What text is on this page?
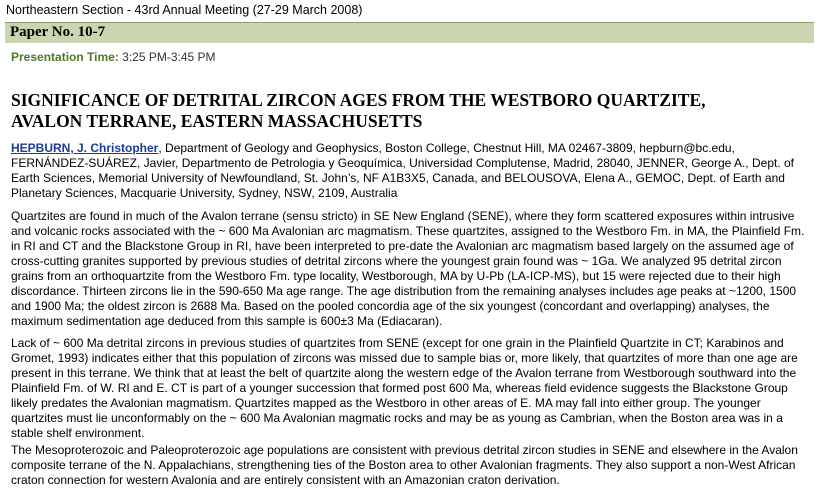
Northeastern Section - 43rd Annual Meeting (27-29 March 2008)
Paper No. 10-7
Presentation Time: 3:25 PM-3:45 PM
SIGNIFICANCE OF DETRITAL ZIRCON AGES FROM THE WESTBORO QUARTZITE,
AVALON TERRANE, EASTERN MASSACHUSETTS
HEPBURN, J. Christopher, Department of Geology and Geophysics, Boston College, Chestnut Hill, MA 02467-3809, hepburn@bc.edu, FERNÁNDEZ-SUÁREZ, Javier, Departmento de Petrologia y Geoquímica, Universidad Complutense, Madrid, 28040, JENNER, George A., Dept. of Earth Sciences, Memorial University of Newfoundland, St. John’s, NF A1B3X5, Canada, and BELOUSOVA, Elena A., GEMOC, Dept. of Earth and Planetary Sciences, Macquarie University, Sydney, NSW, 2109, Australia

Quartzites are found in much of the Avalon terrane (sensu stricto) in SE New England (SENE), where they form scattered exposures within intrusive and volcanic rocks associated with the ~ 600 Ma Avalonian arc magmatism. These quartzites, assigned to the Westboro Fm. in MA, the Plainfield Fm. in RI and CT and the Blackstone Group in RI, have been interpreted to pre-date the Avalonian arc magmatism based largely on the assumed age of cross-cutting granites supported by previous studies of detrital zircons where the youngest grain found was ~ 1Ga. We analyzed 95 detrital zircon grains from an orthoquartzite from the Westboro Fm. type locality, Westborough, MA by U-Pb (LA-ICP-MS), but 15 were rejected due to their high discordance. Thirteen zircons lie in the 590-650 Ma age range. The age distribution from the remaining analyses includes age peaks at ~1200, 1500 and 1900 Ma; the oldest zircon is 2688 Ma. Based on the pooled concordia age of the six youngest (concordant and overlapping) analyses, the maximum sedimentation age deduced from this sample is 600±3 Ma (Ediacaran).

Lack of ~ 600 Ma detrital zircons in previous studies of quartzites from SENE (except for one grain in the Plainfield Quartzite in CT; Karabinos and Gromet, 1993) indicates either that this population of zircons was missed due to sample bias or, more likely, that quartzites of more than one age are present in this terrane. We think that at least the belt of quartzite along the western edge of the Avalon terrane from Westborough southward into the Plainfield Fm. of W. RI and E. CT is part of a younger succession that formed post 600 Ma, whereas field evidence suggests the Blackstone Group likely predates the Avalonian magmatism. Quartzites mapped as the Westboro in other areas of E. MA may fall into either group. The younger quartzites must lie unconformably on the ~ 600 Ma Avalonian magmatic rocks and may be as young as Cambrian, when the Boston area was in a stable shelf environment.

The Mesoproterozoic and Paleoproterozoic age populations are consistent with previous detrital zircon studies in SENE and elsewhere in the Avalon composite terrane of the N. Appalachians, strengthening ties of the Boston area to other Avalonian fragments. They also support a non-West African craton connection for western Avalonia and are entirely consistent with an Amazonian craton derivation.
